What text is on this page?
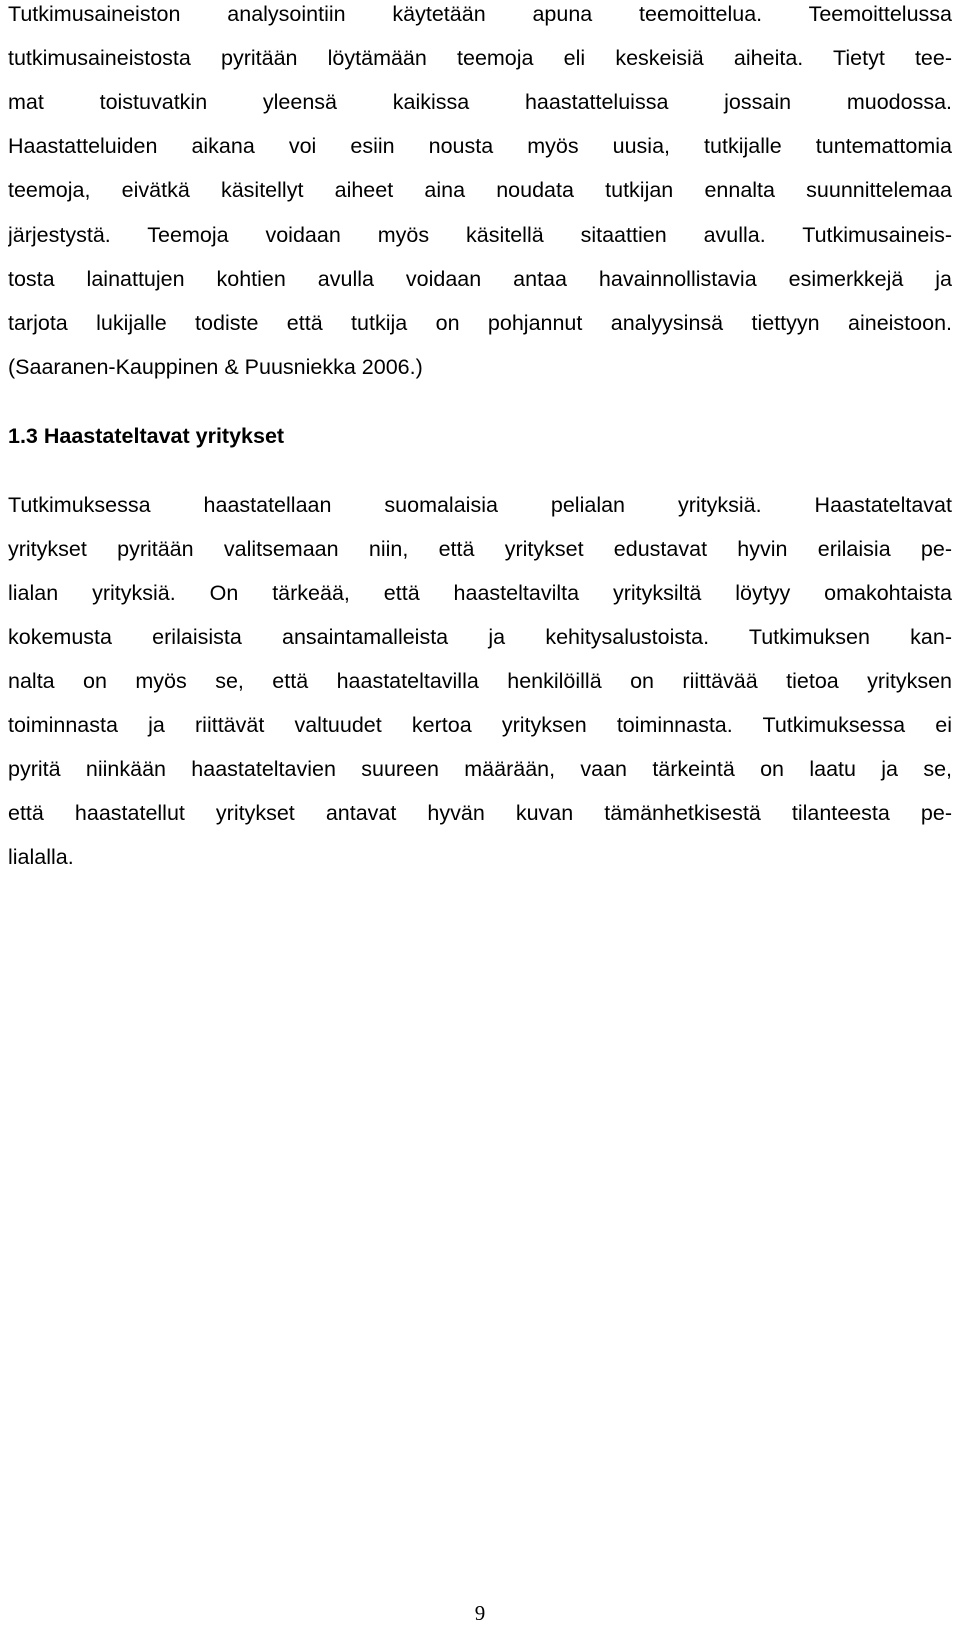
Tutkimusaineiston analysointiin käytetään apuna teemoittelua. Teemoittelussa
tutkimusaineistosta pyritään löytämään teemoja eli keskeisiä aiheita. Tietyt tee-
mat toistuvatkin yleensä kaikissa haastatteluissa jossain muodossa.
Haastatteluiden aikana voi esiin nousta myös uusia, tutkijalle tuntemattomia
teemoja, eivätkä käsitellyt aiheet aina noudata tutkijan ennalta suunnittelemaa
järjestystä. Teemoja voidaan myös käsitellä sitaattien avulla. Tutkimusaineis-
tosta lainattujen kohtien avulla voidaan antaa havainnollistavia esimerkkejä ja
tarjota lukijalle todiste että tutkija on pohjannut analyysinsä tiettyyn aineistoon.
(Saaranen-Kauppinen & Puusniekka 2006.)
1.3 Haastateltavat yritykset
Tutkimuksessa haastatellaan suomalaisia pelialan yrityksiä. Haastateltavat
yritykset pyritään valitsemaan niin, että yritykset edustavat hyvin erilaisia pe-
lialan yrityksiä. On tärkeää, että haasteltavilta yrityksiltä löytyy omakohtaista
kokemusta erilaisista ansaintamalleista ja kehitysalustoista. Tutkimuksen kan-
nalta on myös se, että haastateltavilla henkilöillä on riittävää tietoa yrityksen
toiminnasta ja riittävät valtuudet kertoa yrityksen toiminnasta. Tutkimuksessa ei
pyritä niinkään haastateltavien suureen määrään, vaan tärkeintä on laatu ja se,
että haastatellut yritykset antavat hyvän kuvan tämänhetkisestä tilanteesta pe-
lialalla.
9
